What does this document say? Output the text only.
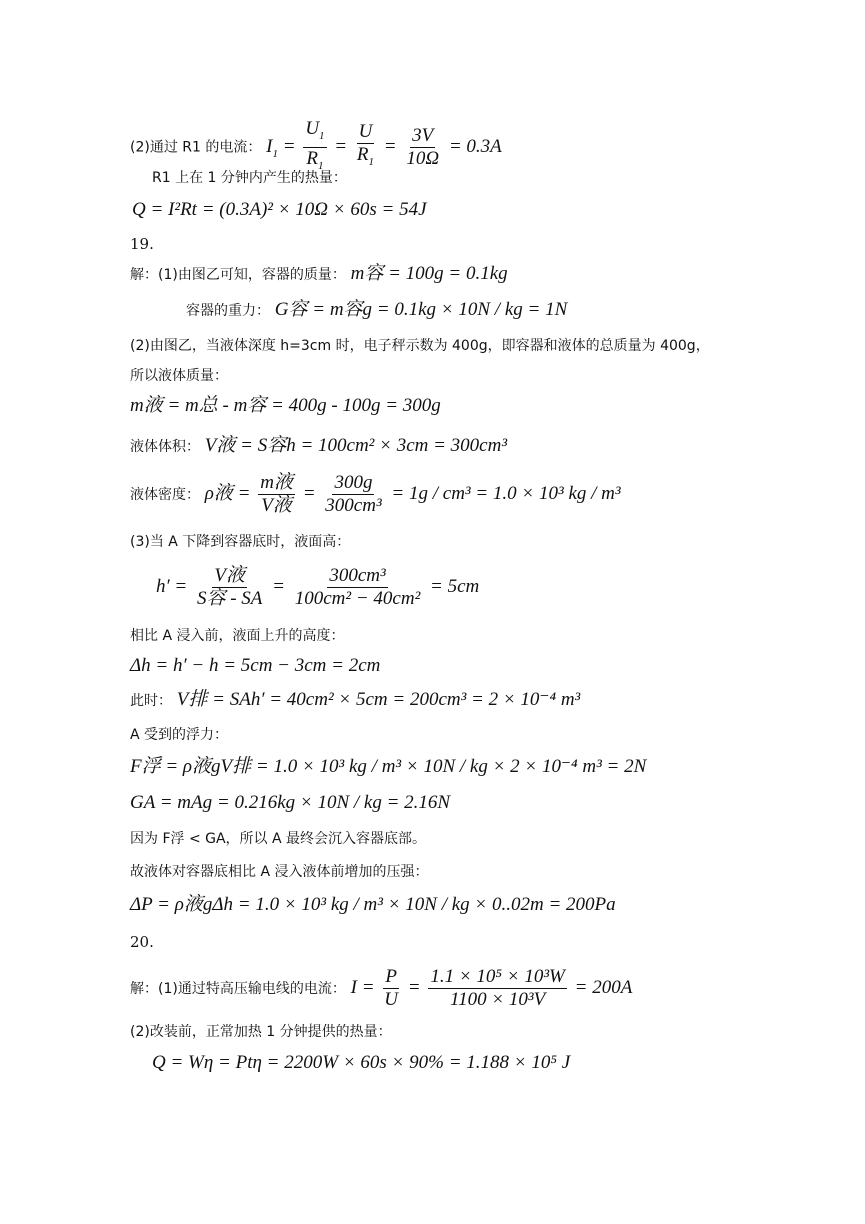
(2)通过 R1 的电流： $I_1 = \frac{U_1}{R_1} = \frac{U}{R_1} = \frac{3V}{10\Omega} = 0.3A$
R1 上在 1 分钟内产生的热量：
Q = I²Rt = (0.3A)² × 10Ω × 60s = 54J
19.
解：(1)由图乙可知，容器的质量： m容 = 100g = 0.1kg
容器的重力： G容 = m容g = 0.1kg × 10N / kg = 1N
(2)由图乙，当液体深度 h=3cm 时，电子秤示数为 400g，即容器和液体的总质量为 400g，
所以液体质量：
m液 = m总 - m容 = 400g - 100g = 300g
液体体积： V液 = S容h = 100cm² × 3cm = 300cm³
液体密度： ρ液 = $\frac{\text{m液}}{\text{V液}} = \frac{300g}{\text{300cm³}} = 1g / cm^3 = 1.0 \times 10^3$ kg / m³
(3)当 A 下降到容器底时，液面高：
$h' = \frac{\text{V液}}{\text{S容 - SA}} = \frac{\text{300cm³}}{\text{100cm² − 40cm²}} = 5cm$
相比 A 浸入前，液面上升的高度：
Δh = h′ − h = 5cm − 3cm = 2cm
此时： V排 = SAh′ = 40cm² × 5cm = 200cm³ = 2 × 10⁻⁴ m³
A 受到的浮力：
F浮 = ρ液gV排 = 1.0 × 10³ kg / m³ × 10N / kg × 2 × 10⁻⁴ m³ = 2N
GA = mAg = 0.216kg × 10N / kg = 2.16N
因为 F浮 < GA，所以 A 最终会沉入容器底部。
故液体对容器底相比 A 浸入液体前增加的压强：
ΔP = ρ液gΔh = 1.0 × 10³ kg / m³ × 10N / kg × 0..02m = 200Pa
20.
解：(1)通过特高压输电线的电流： $I = \frac{P}{U} = \frac{\text{1.1 × 10⁵ × 10³W}}{\text{1100 × 10³V}} = 200A$
(2)改装前，正常加热 1 分钟提供的热量：
Q = Wη = Ptη = 2200W × 60s × 90% = 1.188 × 10⁵ J
